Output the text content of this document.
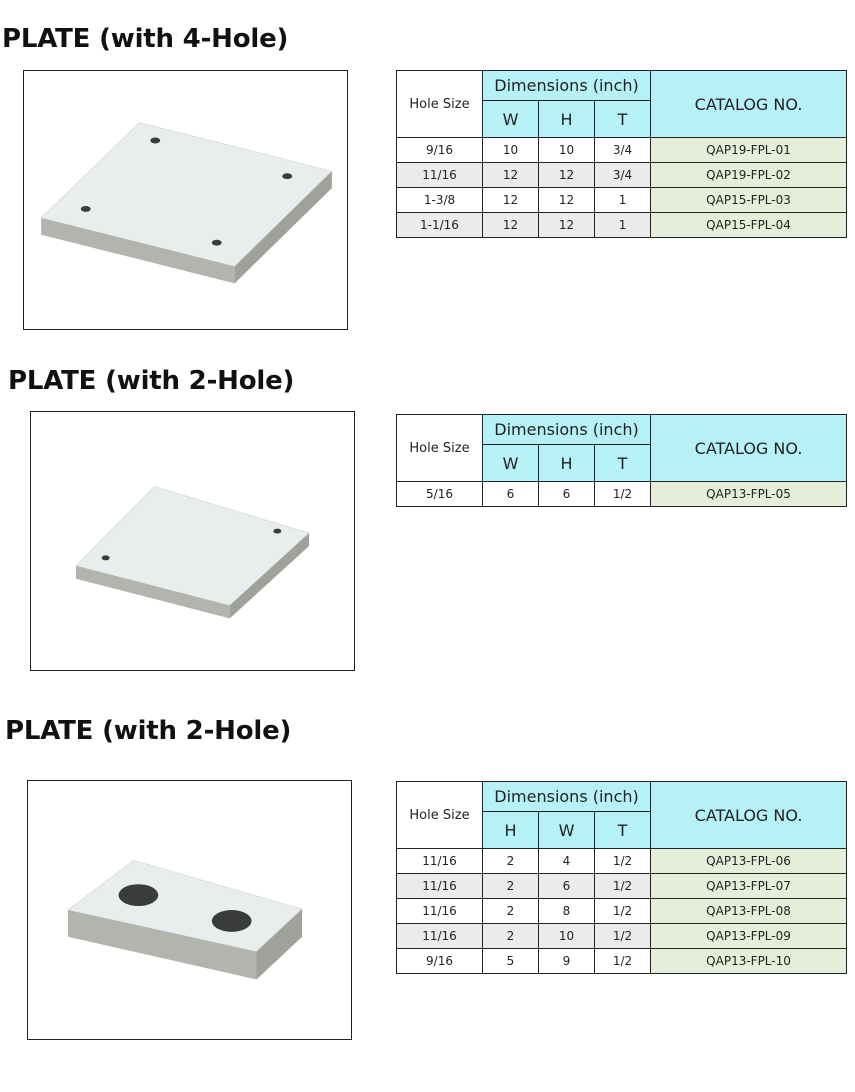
PLATE (with 4-Hole)
Hole Size	Dimensions (inch)			CATALOG NO.
	W	H	T	
9/16	10	10	3/4	QAP19-FPL-01
11/16	12	12	3/4	QAP19-FPL-02
1-3/8	12	12	1	QAP15-FPL-03
1-1/16	12	12	1	QAP15-FPL-04
PLATE (with 2-Hole)
Hole Size	Dimensions (inch)			CATALOG NO.
	W	H	T	
5/16	6	6	1/2	QAP13-FPL-05
PLATE (with 2-Hole)
Hole Size	Dimensions (inch)			CATALOG NO.
	H	W	T	
11/16	2	4	1/2	QAP13-FPL-06
11/16	2	6	1/2	QAP13-FPL-07
11/16	2	8	1/2	QAP13-FPL-08
11/16	2	10	1/2	QAP13-FPL-09
9/16	5	9	1/2	QAP13-FPL-10
